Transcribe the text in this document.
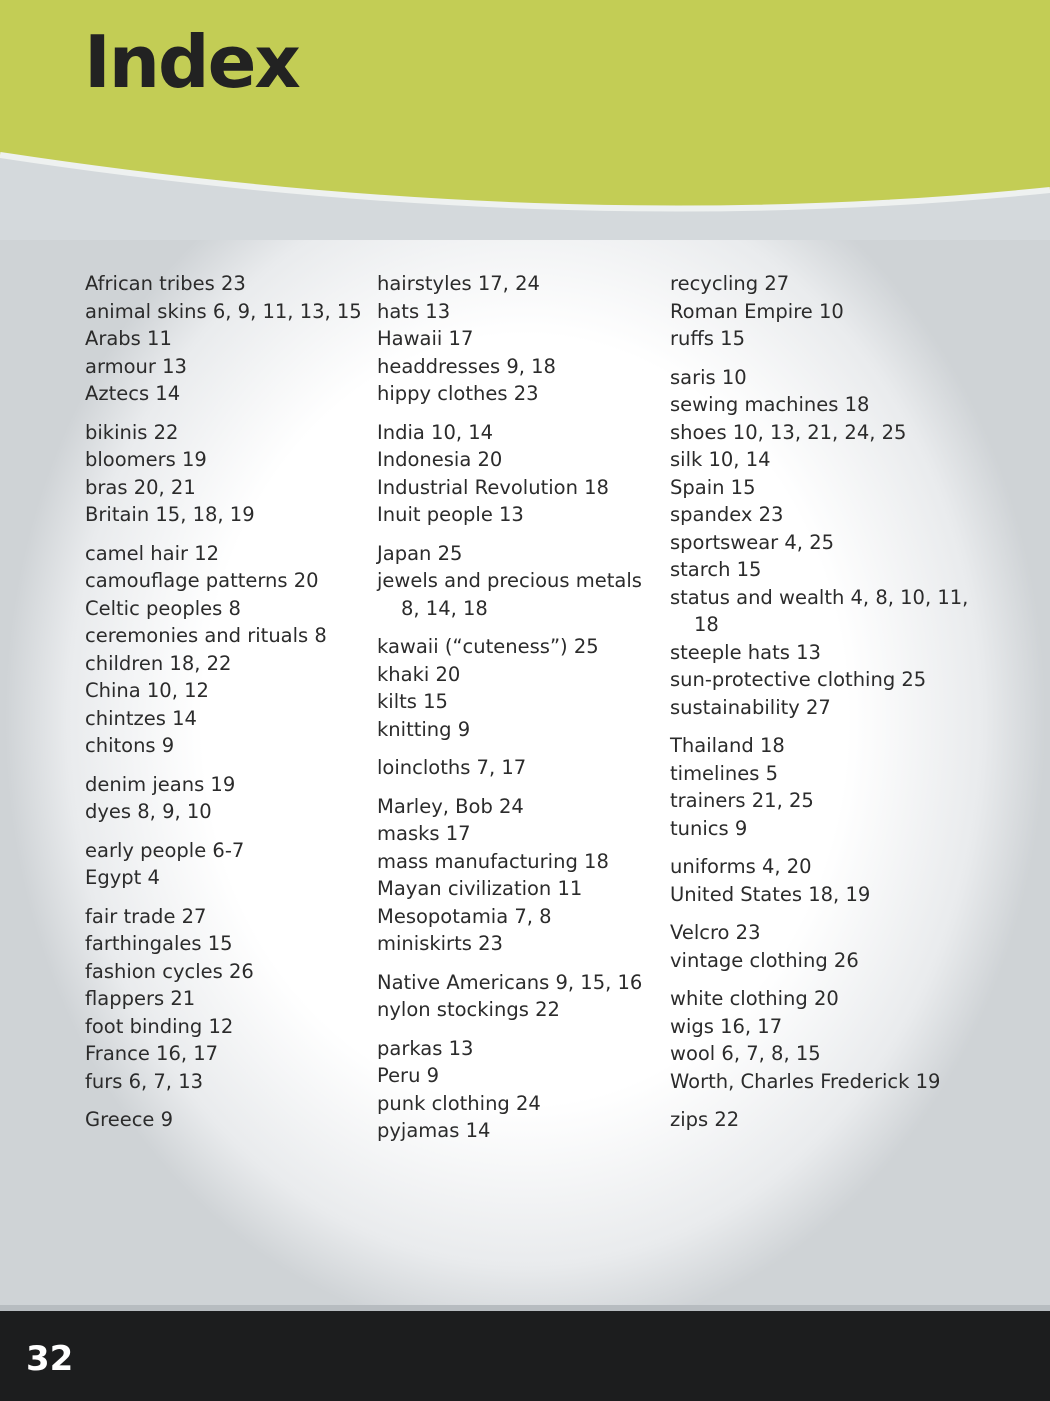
Index
African tribes 23
animal skins 6, 9, 11, 13, 15
Arabs 11
armour 13
Aztecs 14
bikinis 22
bloomers 19
bras 20, 21
Britain 15, 18, 19
camel hair 12
camouflage patterns 20
Celtic peoples 8
ceremonies and rituals 8
children 18, 22
China 10, 12
chintzes 14
chitons 9
denim jeans 19
dyes 8, 9, 10
early people 6-7
Egypt 4
fair trade 27
farthingales 15
fashion cycles 26
flappers 21
foot binding 12
France 16, 17
furs 6, 7, 13
Greece 9
hairstyles 17, 24
hats 13
Hawaii 17
headdresses 9, 18
hippy clothes 23
India 10, 14
Indonesia 20
Industrial Revolution 18
Inuit people 13
Japan 25
jewels and precious metals 8, 14, 18
kawaii (“cuteness”) 25
khaki 20
kilts 15
knitting 9
loincloths 7, 17
Marley, Bob 24
masks 17
mass manufacturing 18
Mayan civilization 11
Mesopotamia 7, 8
miniskirts 23
Native Americans 9, 15, 16
nylon stockings 22
parkas 13
Peru 9
punk clothing 24
pyjamas 14
recycling 27
Roman Empire 10
ruffs 15
saris 10
sewing machines 18
shoes 10, 13, 21, 24, 25
silk 10, 14
Spain 15
spandex 23
sportswear 4, 25
starch 15
status and wealth 4, 8, 10, 11, 18
steeple hats 13
sun-protective clothing 25
sustainability 27
Thailand 18
timelines 5
trainers 21, 25
tunics 9
uniforms 4, 20
United States 18, 19
Velcro 23
vintage clothing 26
white clothing 20
wigs 16, 17
wool 6, 7, 8, 15
Worth, Charles Frederick 19
zips 22
32
